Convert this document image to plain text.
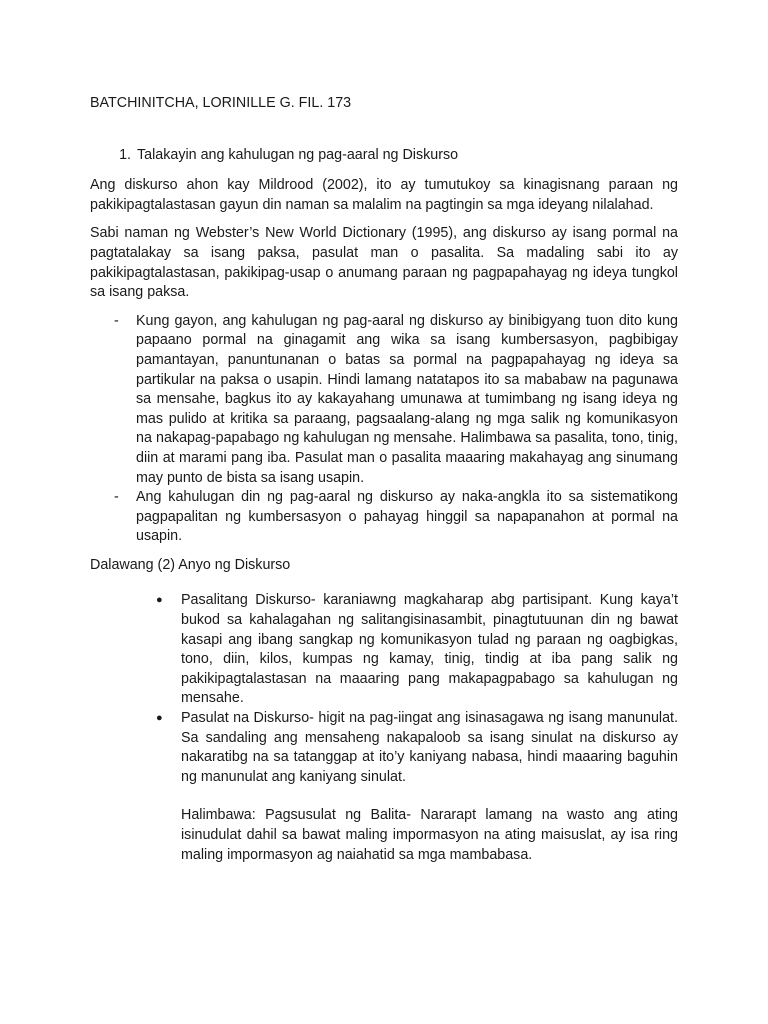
BATCHINITCHA, LORINILLE G. FIL. 173
1. Talakayin ang kahulugan ng pag-aaral ng Diskurso

Ang diskurso ahon kay Mildrood (2002), ito ay tumutukoy sa kinagisnang paraan ng pakikipagtalastasan gayun din naman sa malalim na pagtingin sa mga ideyang nilalahad.

Sabi naman ng Webster’s New World Dictionary (1995), ang diskurso ay isang pormal na pagtatalakay sa isang paksa, pasulat man o pasalita. Sa madaling sabi ito ay pakikipagtalastasan, pakikipag-usap o anumang paraan ng pagpapahayag ng ideya tungkol sa isang paksa.

- Kung gayon, ang kahulugan ng pag-aaral ng diskurso ay binibigyang tuon dito kung papaano pormal na ginagamit ang wika sa isang kumbersasyon, pagbibigay pamantayan, panuntunanan o batas sa pormal na pagpapahayag ng ideya sa partikular na paksa o usapin. Hindi lamang natatapos ito sa mababaw na pagunawa sa mensahe, bagkus ito ay kakayahang umunawa at tumimbang ng isang ideya ng mas pulido at kritika sa paraang, pagsaalang-alang ng mga salik ng komunikasyon na nakapag-papabago ng kahulugan ng mensahe. Halimbawa sa pasalita, tono, tinig, diin at marami pang iba. Pasulat man o pasalita maaaring makahayag ang sinumang may punto de bista sa isang usapin.
- Ang kahulugan din ng pag-aaral ng diskurso ay naka-angkla ito sa sistematikong pagpapalitan ng kumbersasyon o pahayag hinggil sa napapanahon at pormal na usapin.
Dalawang (2) Anyo ng Diskurso
● Pasalitang Diskurso- karaniawng magkaharap abg partisipant. Kung kaya’t bukod sa kahalagahan ng salitangisinasambit, pinagtutuunan din ng bawat kasapi ang ibang sangkap ng komunikasyon tulad ng paraan ng oagbigkas, tono, diin, kilos, kumpas ng kamay, tinig, tindig at iba pang salik ng pakikipagtalastasan na maaaring pang makapagpabago sa kahulugan ng mensahe.
● Pasulat na Diskurso- higit na pag-iingat ang isinasagawa ng isang manunulat. Sa sandaling ang mensaheng nakapaloob sa isang sinulat na diskurso ay nakaratibg na sa tatanggap at ito’y kaniyang nabasa, hindi maaaring baguhin ng manunulat ang kaniyang sinulat.
Halimbawa: Pagsusulat ng Balita- Nararapt lamang na wasto ang ating isinudulat dahil sa bawat maling impormasyon na ating maisuslat, ay isa ring maling impormasyon ag naiahatid sa mga mambabasa.
